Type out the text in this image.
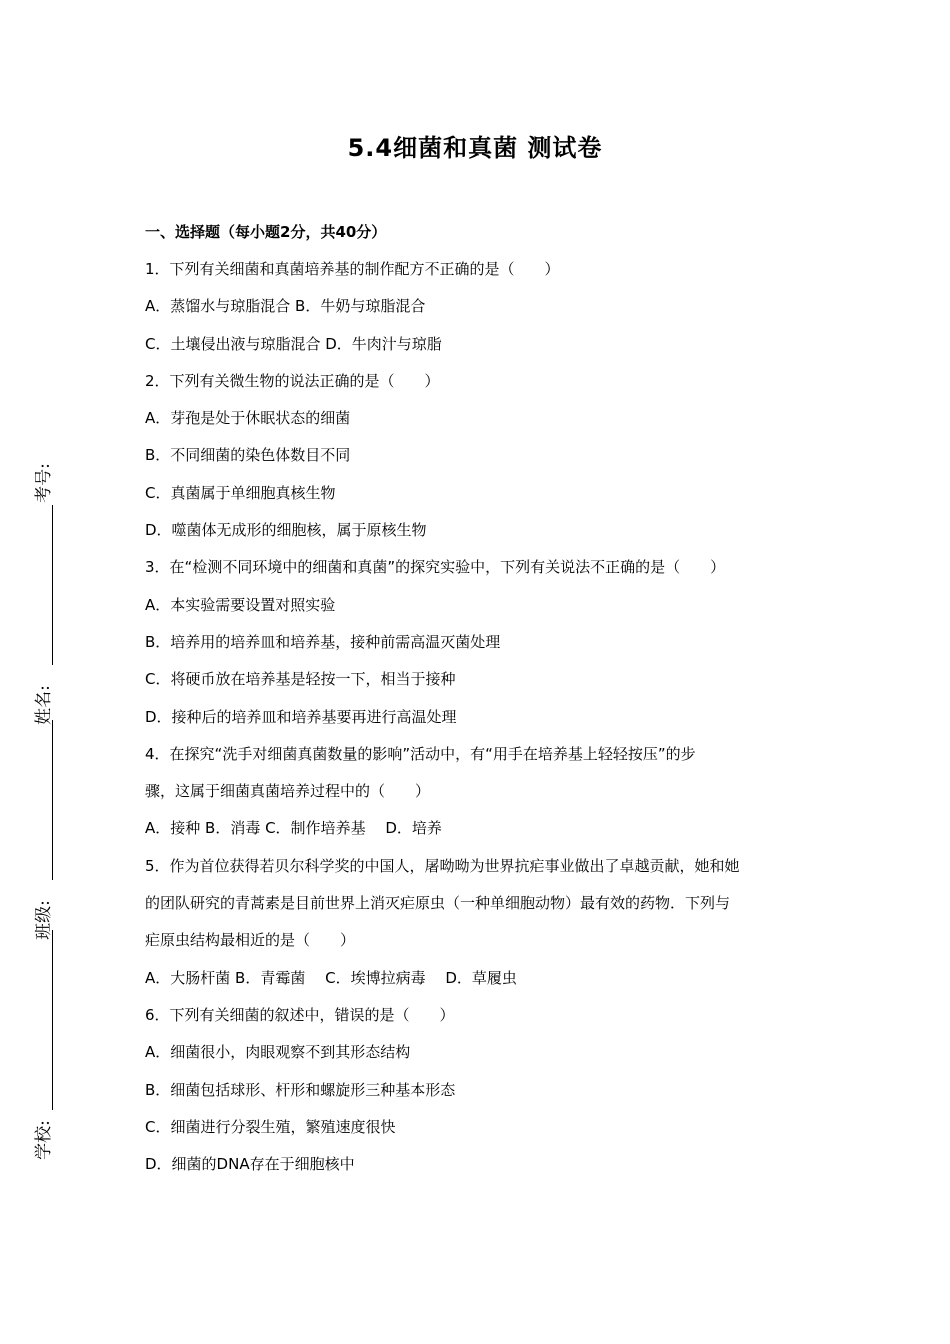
考号:
姓名:
班级:
学校:
5.4细菌和真菌 测试卷
一、选择题（每小题2分，共40分）
1．下列有关细菌和真菌培养基的制作配方不正确的是（　　）
A．蒸馏水与琼脂混合 B．牛奶与琼脂混合
C．土壤侵出液与琼脂混合 D．牛肉汁与琼脂
2．下列有关微生物的说法正确的是（　　）
A．芽孢是处于休眠状态的细菌
B．不同细菌的染色体数目不同
C．真菌属于单细胞真核生物
D．噬菌体无成形的细胞核，属于原核生物
3．在“检测不同环境中的细菌和真菌”的探究实验中，下列有关说法不正确的是（　　）
A．本实验需要设置对照实验
B．培养用的培养皿和培养基，接种前需高温灭菌处理
C．将硬币放在培养基是轻按一下，相当于接种
D．接种后的培养皿和培养基要再进行高温处理
4．在探究“洗手对细菌真菌数量的影响”活动中，有“用手在培养基上轻轻按压”的步
骤，这属于细菌真菌培养过程中的（　　）
A．接种 B．消毒 C．制作培养基　 D．培养
5．作为首位获得若贝尔科学奖的中国人，屠呦呦为世界抗疟事业做出了卓越贡献，她和她
的团队研究的青蒿素是目前世界上消灭疟原虫（一种单细胞动物）最有效的药物．下列与
疟原虫结构最相近的是（　　）
A．大肠杆菌 B．青霉菌　 C．埃博拉病毒　 D．草履虫
6．下列有关细菌的叙述中，错误的是（　　）
A．细菌很小，肉眼观察不到其形态结构
B．细菌包括球形、杆形和螺旋形三种基本形态
C．细菌进行分裂生殖，繁殖速度很快
D．细菌的DNA存在于细胞核中
